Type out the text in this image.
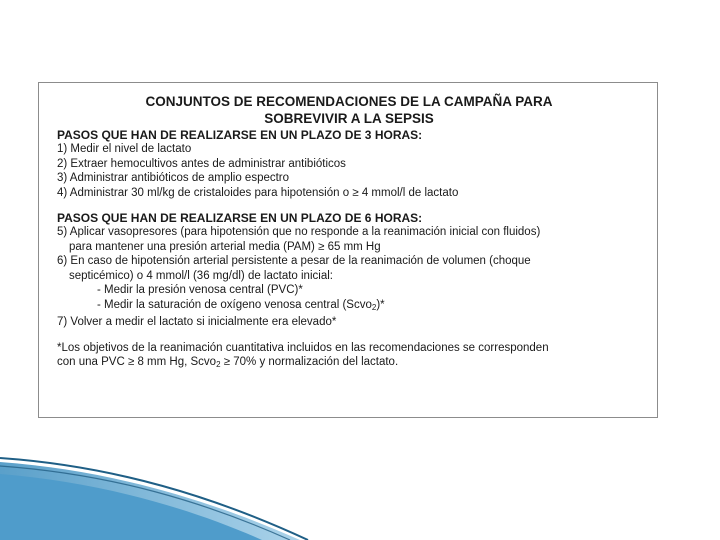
CONJUNTOS DE RECOMENDACIONES DE LA CAMPAÑA PARA
SOBREVIVIR A LA SEPSIS
PASOS QUE HAN DE REALIZARSE EN UN PLAZO DE 3 HORAS:
1) Medir el nivel de lactato
2) Extraer hemocultivos antes de administrar antibióticos
3) Administrar antibióticos de amplio espectro
4) Administrar 30 ml/kg de cristaloides para hipotensión o ≥ 4 mmol/l de lactato
PASOS QUE HAN DE REALIZARSE EN UN PLAZO DE 6 HORAS:
5) Aplicar vasopresores (para hipotensión que no responde a la reanimación inicial con fluidos)
para mantener una presión arterial media (PAM) ≥ 65 mm Hg
6) En caso de hipotensión arterial persistente a pesar de la reanimación de volumen (choque
septicémico) o 4 mmol/l (36 mg/dl) de lactato inicial:
- Medir la presión venosa central (PVC)*
- Medir la saturación de oxígeno venosa central (Scvo$_2$)*
7) Volver a medir el lactato si inicialmente era elevado*
*Los objetivos de la reanimación cuantitativa incluidos en las recomendaciones se corresponden
con una PVC ≥ 8 mm Hg, Scvo$_2$ ≥ 70% y normalización del lactato.
